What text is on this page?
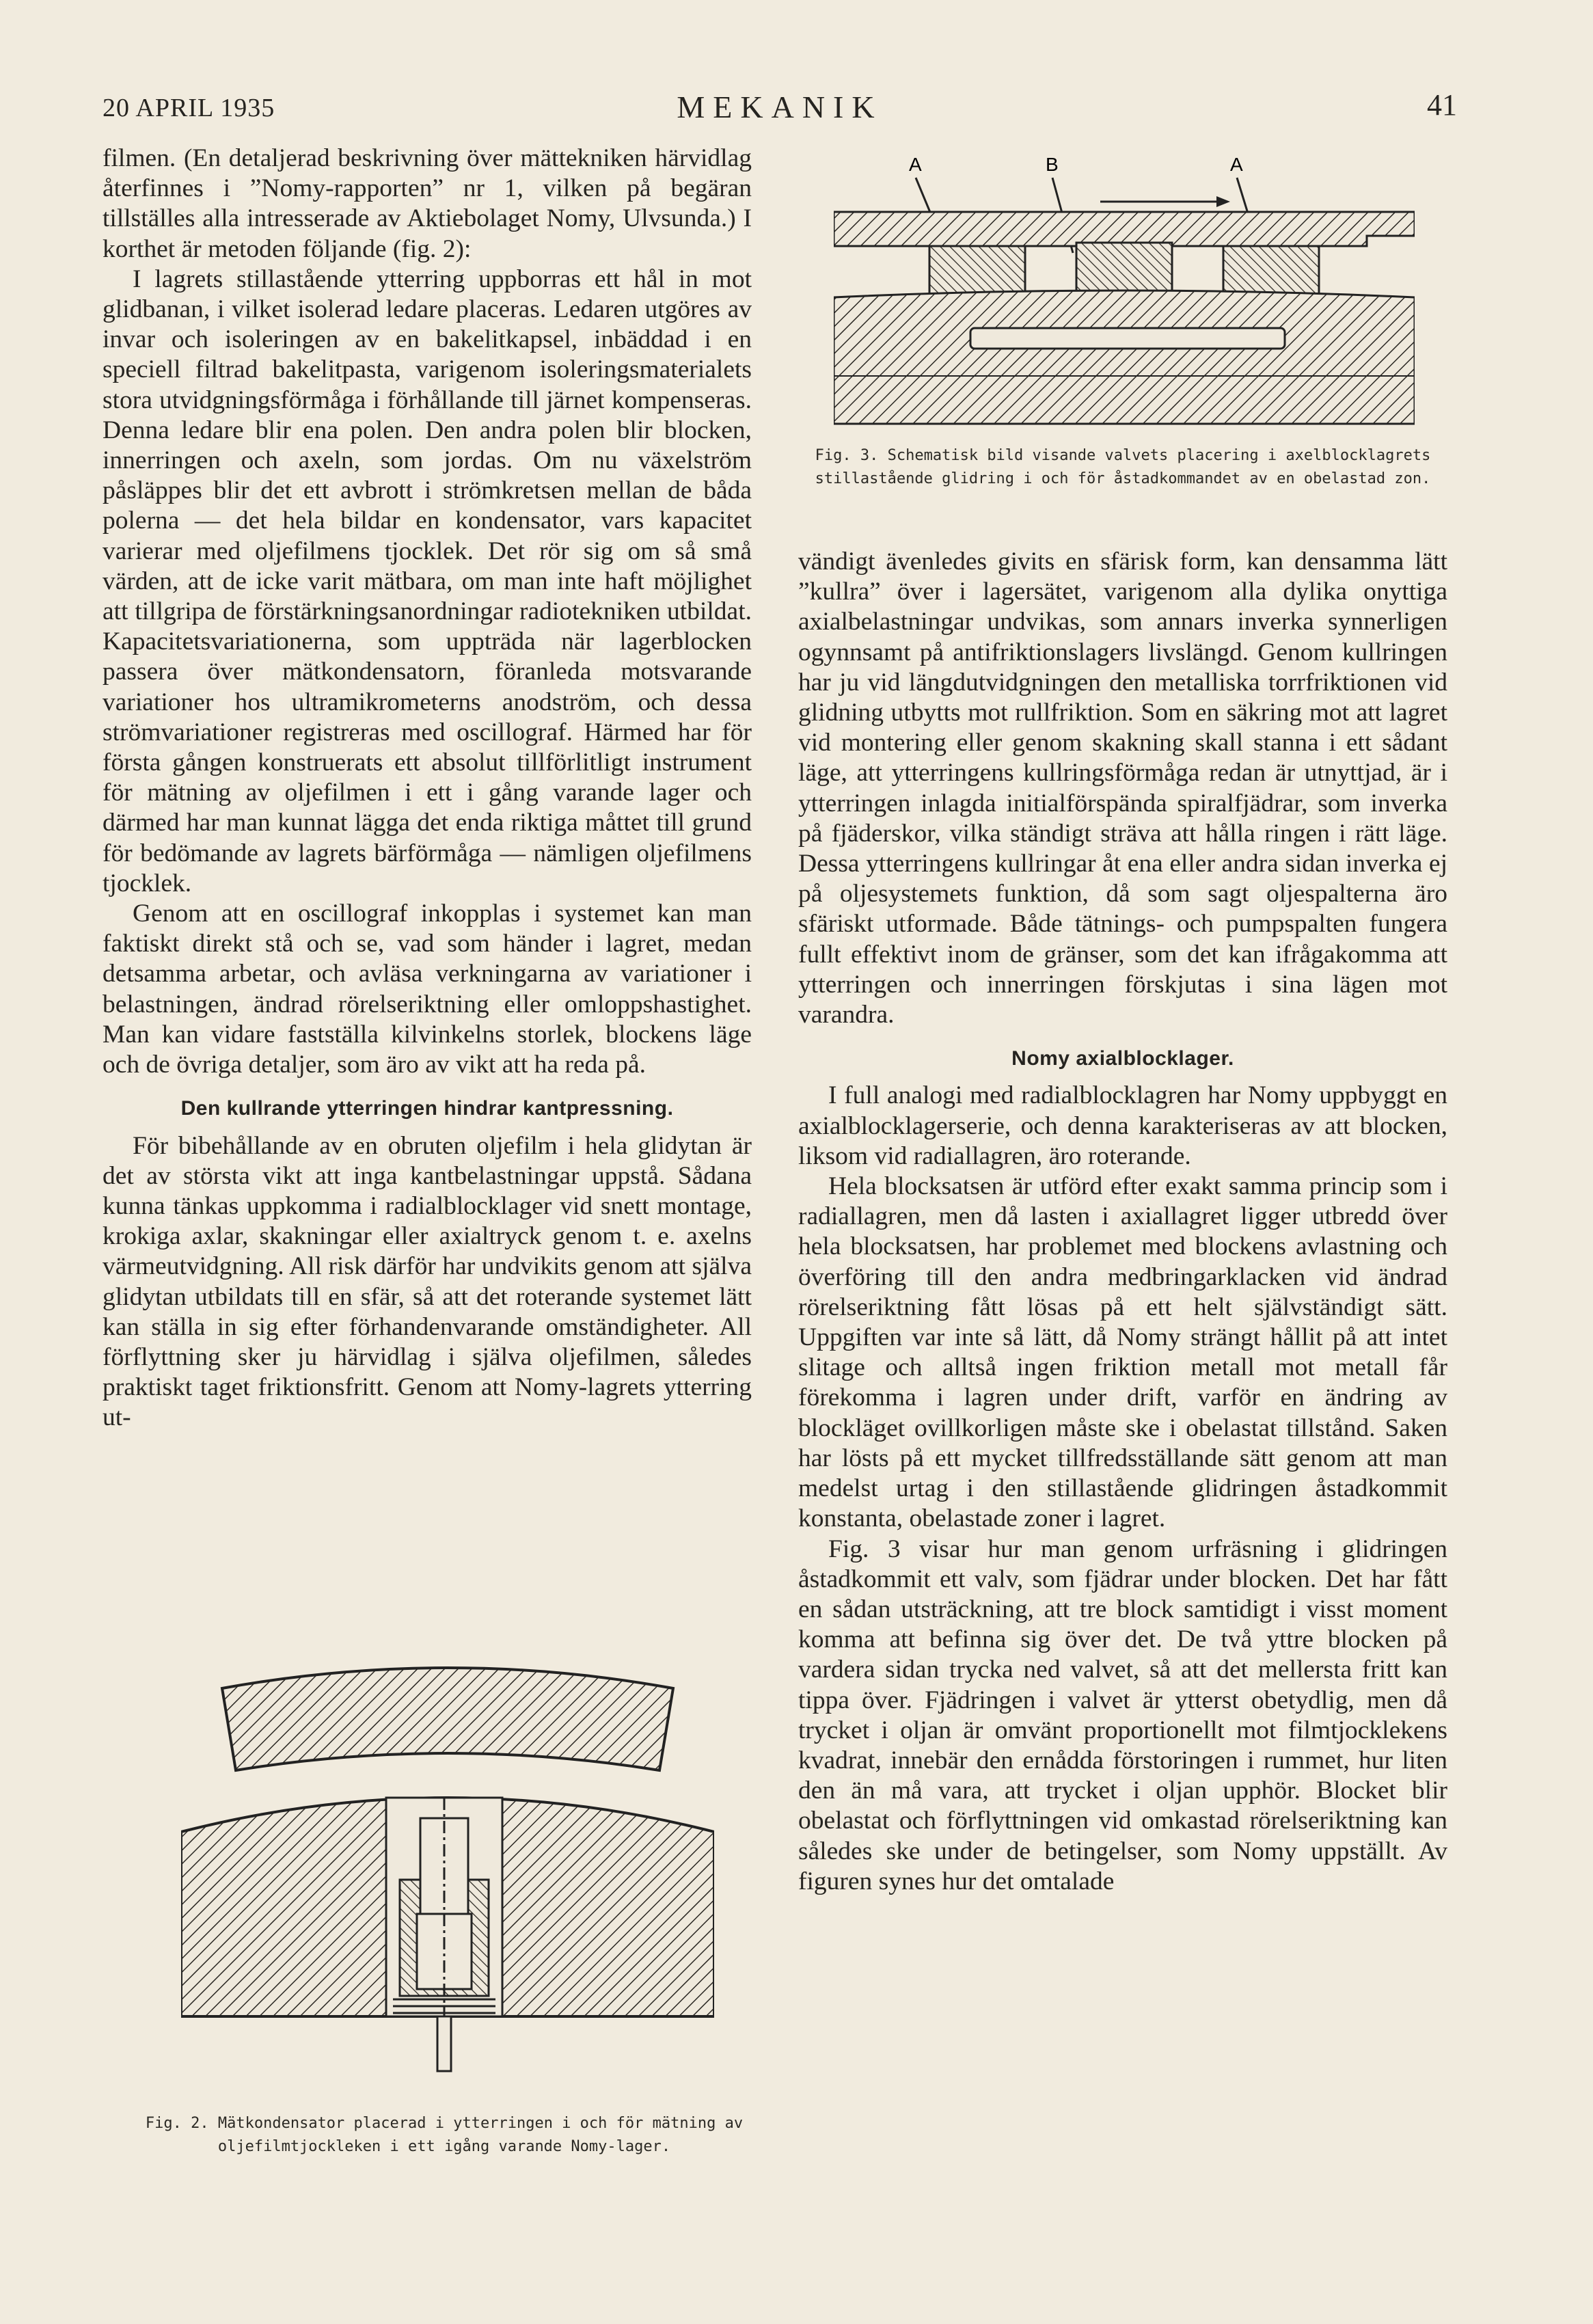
20 APRIL 1935	MEKANIK	41

filmen. (En detaljerad beskrivning över mättekniken härvidlag återfinnes i ”Nomy-rapporten” nr 1, vilken på begäran tillställes alla intresserade av Aktiebolaget Nomy, Ulvsunda.) I korthet är metoden följande (fig. 2):

I lagrets stillastående ytterring uppborras ett hål in mot glidbanan, i vilket isolerad ledare placeras. Ledaren utgöres av invar och isoleringen av en bakelitkapsel, inbäddad i en speciell filtrad bakelitpasta, varigenom isoleringsmaterialets stora utvidgningsförmåga i förhållande till järnet kompenseras. Denna ledare blir ena polen. Den andra polen blir blocken, innerringen och axeln, som jordas. Om nu växelström påsläppes blir det ett avbrott i strömkretsen mellan de båda polerna — det hela bildar en kondensator, vars kapacitet varierar med oljefilmens tjocklek. Det rör sig om så små värden, att de icke varit mätbara, om man inte haft möjlighet att tillgripa de förstärkningsanordningar radiotekniken utbildat. Kapacitetsvariationerna, som uppträda när lagerblocken passera över mätkondensatorn, föranleda motsvarande variationer hos ultramikrometerns anodström, och dessa strömvariationer registreras med oscillograf. Härmed har för första gången konstruerats ett absolut tillförlitligt instrument för mätning av oljefilmen i ett i gång varande lager och därmed har man kunnat lägga det enda riktiga måttet till grund för bedömande av lagrets bärförmåga — nämligen oljefilmens tjocklek.

Genom att en oscillograf inkopplas i systemet kan man faktiskt direkt stå och se, vad som händer i lagret, medan detsamma arbetar, och avläsa verkningarna av variationer i belastningen, ändrad rörelseriktning eller omloppshastighet. Man kan vidare fastställa kilvinkelns storlek, blockens läge och de övriga detaljer, som äro av vikt att ha reda på.

Den kullrande ytterringen hindrar kantpressning.

För bibehållande av en obruten oljefilm i hela glidytan är det av största vikt att inga kantbelastningar uppstå. Sådana kunna tänkas uppkomma i radialblocklager vid snett montage, krokiga axlar, skakningar eller axialtryck genom t. e. axelns värmeutvidgning. All risk därför har undvikits genom att själva glidytan utbildats till en sfär, så att det roterande systemet lätt kan ställa in sig efter förhandenvarande omständigheter. All förflyttning sker ju härvidlag i själva oljefilmen, således praktiskt taget friktionsfritt. Genom att Nomy-lagrets ytterring ut-

Fig. 2. Mätkondensator placerad i ytterringen i och för mätning av oljefilmtjockleken i ett igång varande Nomy-lager.
A	B	A
Fig. 3. Schematisk bild visande valvets placering i axelblocklagrets stillastående glidring i och för åstadkommandet av en obelastad zon.

vändigt ävenledes givits en sfärisk form, kan densamma lätt ”kullra” över i lagersätet, varigenom alla dylika onyttiga axialbelastningar undvikas, som annars inverka synnerligen ogynnsamt på antifriktionslagers livslängd. Genom kullringen har ju vid längdutvidgningen den metalliska torrfriktionen vid glidning utbytts mot rullfriktion. Som en säkring mot att lagret vid montering eller genom skakning skall stanna i ett sådant läge, att ytterringens kullringsförmåga redan är utnyttjad, är i ytterringen inlagda initialförspända spiralfjädrar, som inverka på fjäderskor, vilka ständigt sträva att hålla ringen i rätt läge. Dessa ytterringens kullringar åt ena eller andra sidan inverka ej på oljesystemets funktion, då som sagt oljespalterna äro sfäriskt utformade. Både tätnings- och pumpspalten fungera fullt effektivt inom de gränser, som det kan ifrågakomma att ytterringen och innerringen förskjutas i sina lägen mot varandra.

Nomy axialblocklager.

I full analogi med radialblocklagren har Nomy uppbyggt en axialblocklagerserie, och denna karakteriseras av att blocken, liksom vid radiallagren, äro roterande.

Hela blocksatsen är utförd efter exakt samma princip som i radiallagren, men då lasten i axiallagret ligger utbredd över hela blocksatsen, har problemet med blockens avlastning och överföring till den andra medbringarklacken vid ändrad rörelseriktning fått lösas på ett helt självständigt sätt. Uppgiften var inte så lätt, då Nomy strängt hållit på att intet slitage och alltså ingen friktion metall mot metall får förekomma i lagren under drift, varför en ändring av blockläget ovillkorligen måste ske i obelastat tillstånd. Saken har lösts på ett mycket tillfredsställande sätt genom att man medelst urtag i den stillastående glidringen åstadkommit konstanta, obelastade zoner i lagret.

Fig. 3 visar hur man genom urfräsning i glidringen åstadkommit ett valv, som fjädrar under blocken. Det har fått en sådan utsträckning, att tre block samtidigt i visst moment komma att befinna sig över det. De två yttre blocken på vardera sidan trycka ned valvet, så att det mellersta fritt kan tippa över. Fjädringen i valvet är ytterst obetydlig, men då trycket i oljan är omvänt proportionellt mot filmtjocklekens kvadrat, innebär den ernådda förstoringen i rummet, hur liten den än må vara, att trycket i oljan upphör. Blocket blir obelastat och förflyttningen vid omkastad rörelseriktning kan således ske under de betingelser, som Nomy uppställt. Av figuren synes hur det omtalade
